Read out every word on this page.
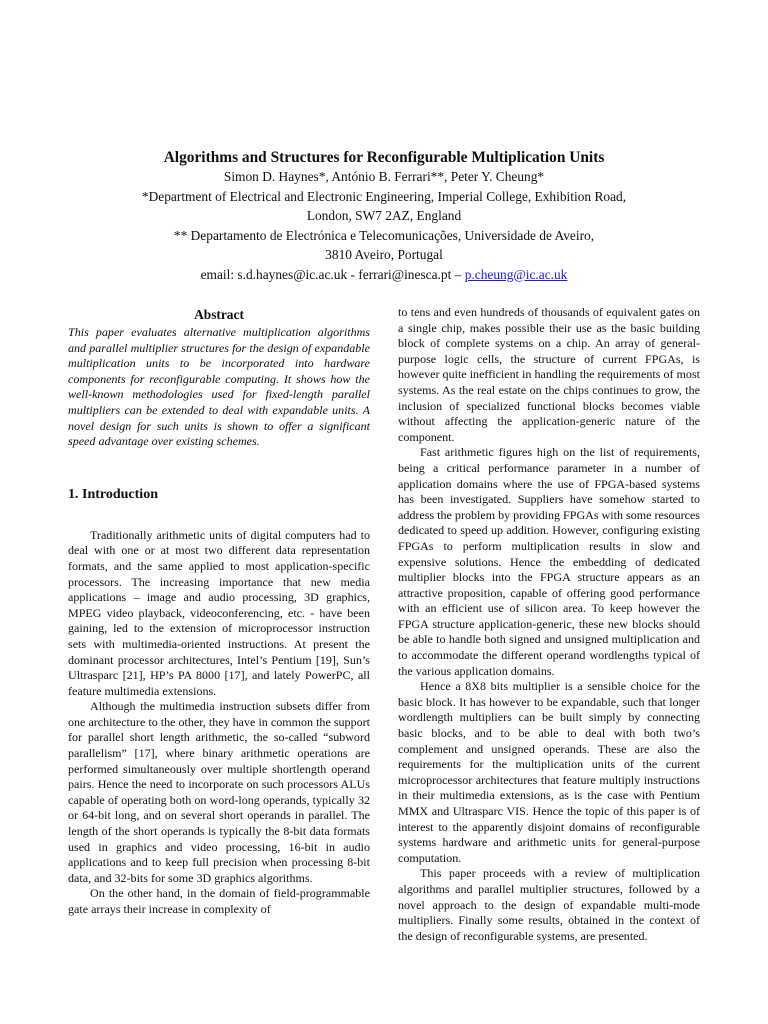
Algorithms and Structures for Reconfigurable Multiplication Units
Simon D. Haynes*, António B. Ferrari**, Peter Y. Cheung*
*Department of Electrical and Electronic Engineering, Imperial College, Exhibition Road,
London, SW7 2AZ, England
** Departamento de Electrónica e Telecomunicações, Universidade de Aveiro,
3810 Aveiro, Portugal
email: s.d.haynes@ic.ac.uk - ferrari@inesca.pt – p.cheung@ic.ac.uk
Abstract

This paper evaluates alternative multiplication algorithms and parallel multiplier structures for the design of expandable multiplication units to be incorporated into hardware components for reconfigurable computing. It shows how the well-known methodologies used for fixed-length parallel multipliers can be extended to deal with expandable units. A novel design for such units is shown to offer a significant speed advantage over existing schemes.

1. Introduction

Traditionally arithmetic units of digital computers had to deal with one or at most two different data representation formats, and the same applied to most application-specific processors. The increasing importance that new media applications – image and audio processing, 3D graphics, MPEG video playback, videoconferencing, etc. - have been gaining, led to the extension of microprocessor instruction sets with multimedia-oriented instructions. At present the dominant processor architectures, Intel’s Pentium [19], Sun’s Ultrasparc [21], HP’s PA 8000 [17], and lately PowerPC, all feature multimedia extensions.

Although the multimedia instruction subsets differ from one architecture to the other, they have in common the support for parallel short length arithmetic, the so-called “subword parallelism” [17], where binary arithmetic operations are performed simultaneously over multiple shortlength operand pairs. Hence the need to incorporate on such processors ALUs capable of operating both on word-long operands, typically 32 or 64-bit long, and on several short operands in parallel. The length of the short operands is typically the 8-bit data formats used in graphics and video processing, 16-bit in audio applications and to keep full precision when processing 8-bit data, and 32-bits for some 3D graphics algorithms.

On the other hand, in the domain of field-programmable gate arrays their increase in complexity of

to tens and even hundreds of thousands of equivalent gates on a single chip, makes possible their use as the basic building block of complete systems on a chip. An array of general-purpose logic cells, the structure of current FPGAs, is however quite inefficient in handling the requirements of most systems. As the real estate on the chips continues to grow, the inclusion of specialized functional blocks becomes viable without affecting the application-generic nature of the component.

Fast arithmetic figures high on the list of requirements, being a critical performance parameter in a number of application domains where the use of FPGA-based systems has been investigated. Suppliers have somehow started to address the problem by providing FPGAs with some resources dedicated to speed up addition. However, configuring existing FPGAs to perform multiplication results in slow and expensive solutions. Hence the embedding of dedicated multiplier blocks into the FPGA structure appears as an attractive proposition, capable of offering good performance with an efficient use of silicon area. To keep however the FPGA structure application-generic, these new blocks should be able to handle both signed and unsigned multiplication and to accommodate the different operand wordlengths typical of the various application domains.

Hence a 8X8 bits multiplier is a sensible choice for the basic block. It has however to be expandable, such that longer wordlength multipliers can be built simply by connecting basic blocks, and to be able to deal with both two’s complement and unsigned operands. These are also the requirements for the multiplication units of the current microprocessor architectures that feature multiply instructions in their multimedia extensions, as is the case with Pentium MMX and Ultrasparc VIS. Hence the topic of this paper is of interest to the apparently disjoint domains of reconfigurable systems hardware and arithmetic units for general-purpose computation.

This paper proceeds with a review of multiplication algorithms and parallel multiplier structures, followed by a novel approach to the design of expandable multi-mode multipliers. Finally some results, obtained in the context of the design of reconfigurable systems, are presented.
